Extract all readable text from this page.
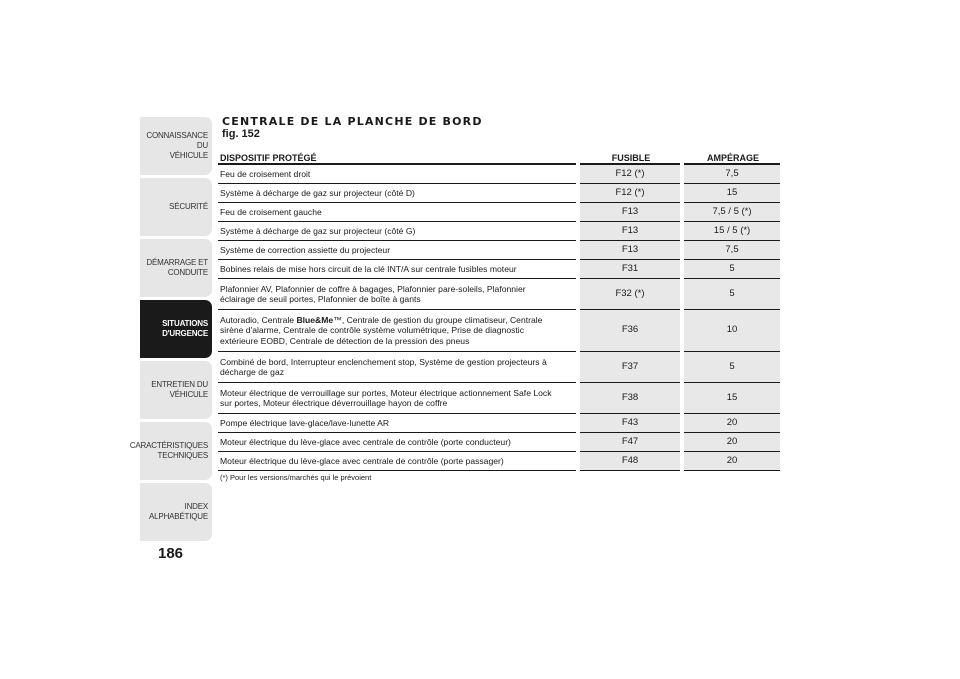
CONNAISSANCE DU
VÉHICULE
SÉCURITÉ
DÉMARRAGE ET
CONDUITE
SITUATIONS
D'URGENCE
ENTRETIEN DU
VÉHICULE
CARACTÉRISTIQUES
TECHNIQUES
INDEX
ALPHABÉTIQUE
186
CENTRALE DE LA PLANCHE DE BORD
fig. 152
DISPOSITIF PROTÉGÉ	FUSIBLE	AMPÉRAGE
Feu de croisement droit	F12 (*)	7,5
Système à décharge de gaz sur projecteur (côté D)	F12 (*)	15
Feu de croisement gauche	F13	7,5 / 5 (*)
Système à décharge de gaz sur projecteur (côté G)	F13	15 / 5 (*)
Système de correction assiette du projecteur	F13	7,5
Bobines relais de mise hors circuit de la clé INT/A sur centrale fusibles moteur	F31	5
Plafonnier AV, Plafonnier de coffre à bagages, Plafonnier pare-soleils, Plafonnier éclairage de seuil portes, Plafonnier de boîte à gants	F32 (*)	5
Autoradio, Centrale Blue&Me™, Centrale de gestion du groupe climatiseur, Centrale sirène d'alarme, Centrale de contrôle système volumétrique, Prise de diagnostic extérieure EOBD, Centrale de détection de la pression des pneus	F36	10
Combiné de bord, Interrupteur enclenchement stop, Système de gestion projecteurs à décharge de gaz	F37	5
Moteur électrique de verrouillage sur portes, Moteur électrique actionnement Safe Lock sur portes, Moteur électrique déverrouillage hayon de coffre	F38	15
Pompe électrique lave-glace/lave-lunette AR	F43	20
Moteur électrique du lève-glace avec centrale de contrôle (porte conducteur)	F47	20
Moteur électrique du lève-glace avec centrale de contrôle (porte passager)	F48	20
(*) Pour les versions/marchés qui le prévoient
